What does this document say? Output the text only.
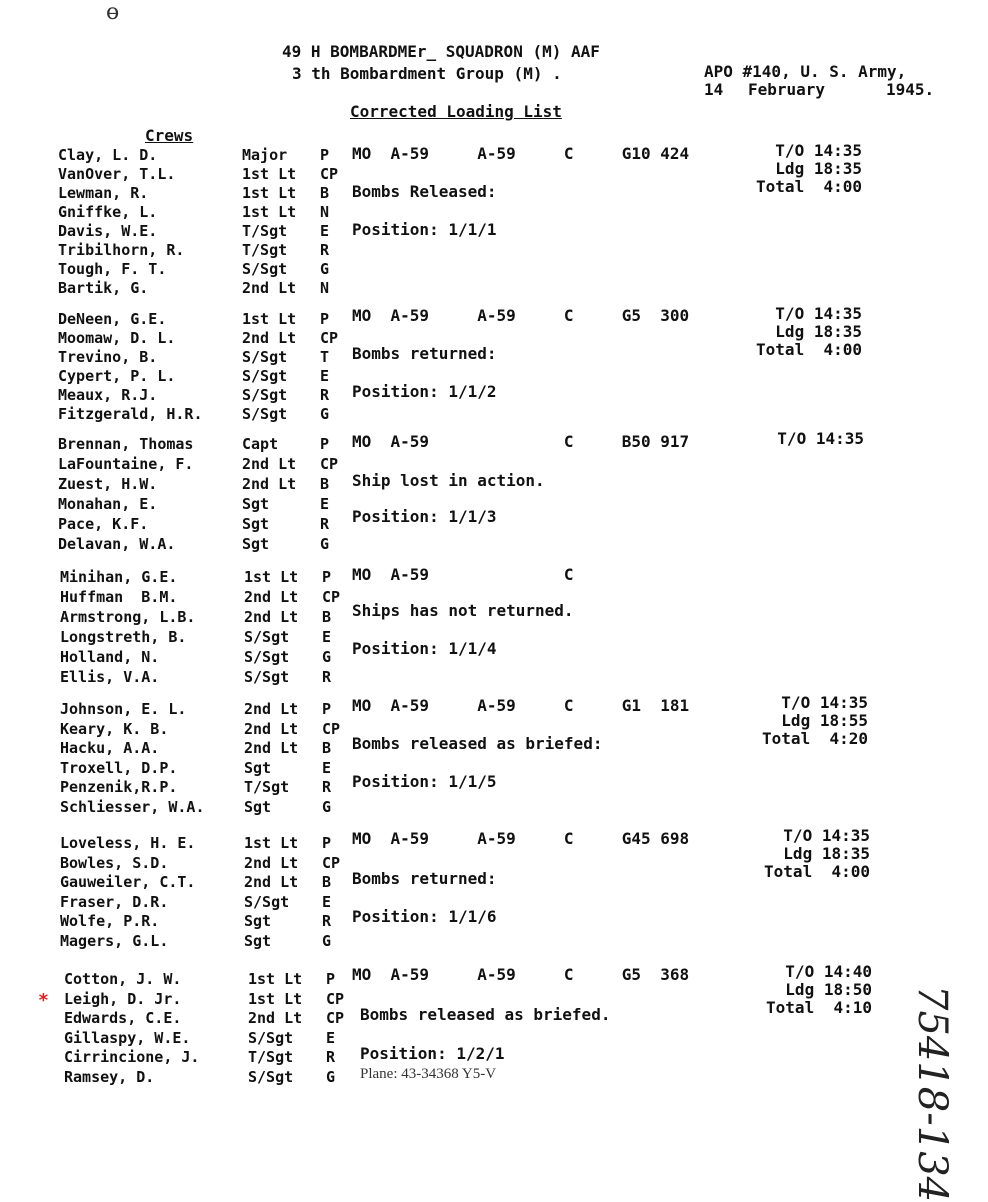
49 H BOMBARDMEr_ SQUADRON (M) AAF
3 th Bombardment Group (M) .	APO #140, U. S. Army,
14 February	1945.
Corrected Loading List
Crews
ɵ
Clay, L. D.	Major P
VanOver, T.L.	1st Lt CP
Lewman, R.	1st Lt B
Gniffke, L.	1st Lt N
Davis, W.E.	T/Sgt E
Tribilhorn, R.	T/Sgt R
Tough, F. T.	S/Sgt G
Bartik, G.	2nd Lt N
MO  A-59     A-59     C     G10 424
Bombs Released:
Position: 1/1/1
T/O 14:35
Ldg 18:35
Total  4:00
DeNeen, G.E.	1st Lt P
Moomaw, D. L.	2nd Lt CP
Trevino, B.	S/Sgt T
Cypert, P. L.	S/Sgt E
Meaux, R.J.	S/Sgt R
Fitzgerald, H.R.	S/Sgt G
MO  A-59     A-59     C     G5  300
Bombs returned:
Position: 1/1/2
T/O 14:35
Ldg 18:35
Total  4:00
Brennan, Thomas	Capt	P
LaFountaine, F.	2nd Lt CP
Zuest, H.W.	2nd Lt B
Monahan, E.	Sgt	E
Pace, K.F.	Sgt	R
Delavan, W.A.	Sgt	G
MO  A-59              C     B50 917
Ship lost in action.
Position: 1/1/3
T/O 14:35
Minihan, G.E.	1st Lt P
Huffman  B.M.	2nd Lt CP
Armstrong, L.B.	2nd Lt B
Longstreth, B.	S/Sgt E
Holland, N.	S/Sgt G
Ellis, V.A.	S/Sgt R
MO  A-59              C
Ships has not returned.
Position: 1/1/4
Johnson, E. L.	2nd Lt P
Keary, K. B.	2nd Lt CP
Hacku, A.A.	2nd Lt B
Troxell, D.P.	Sgt	E
Penzenik,R.P.	T/Sgt R
Schliesser, W.A.	Sgt	G
MO  A-59     A-59     C     G1  181
Bombs released as briefed:
Position: 1/1/5
T/O 14:35
Ldg 18:55
Total  4:20
Loveless, H. E.	1st Lt P
Bowles, S.D.	2nd Lt CP
Gauweiler, C.T.	2nd Lt B
Fraser, D.R.	S/Sgt E
Wolfe, P.R.	Sgt	R
Magers, G.L.	Sgt	G
MO  A-59     A-59     C     G45 698
Bombs returned:
Position: 1/1/6
T/O 14:35
Ldg 18:35
Total  4:00
Cotton, J. W.	1st Lt P
Leigh, D. Jr.	1st Lt CP
Edwards, C.E.	2nd Lt CP
Gillaspy, W.E.	S/Sgt E
Cirrincione, J.	T/Sgt R
Ramsey, D.	S/Sgt G
MO  A-59     A-59     C     G5  368
Bombs released as briefed.
Position: 1/2/1
T/O 14:40
Ldg 18:50
Total  4:10
Plane: 43-34368 Y5-V
*	75418-134
